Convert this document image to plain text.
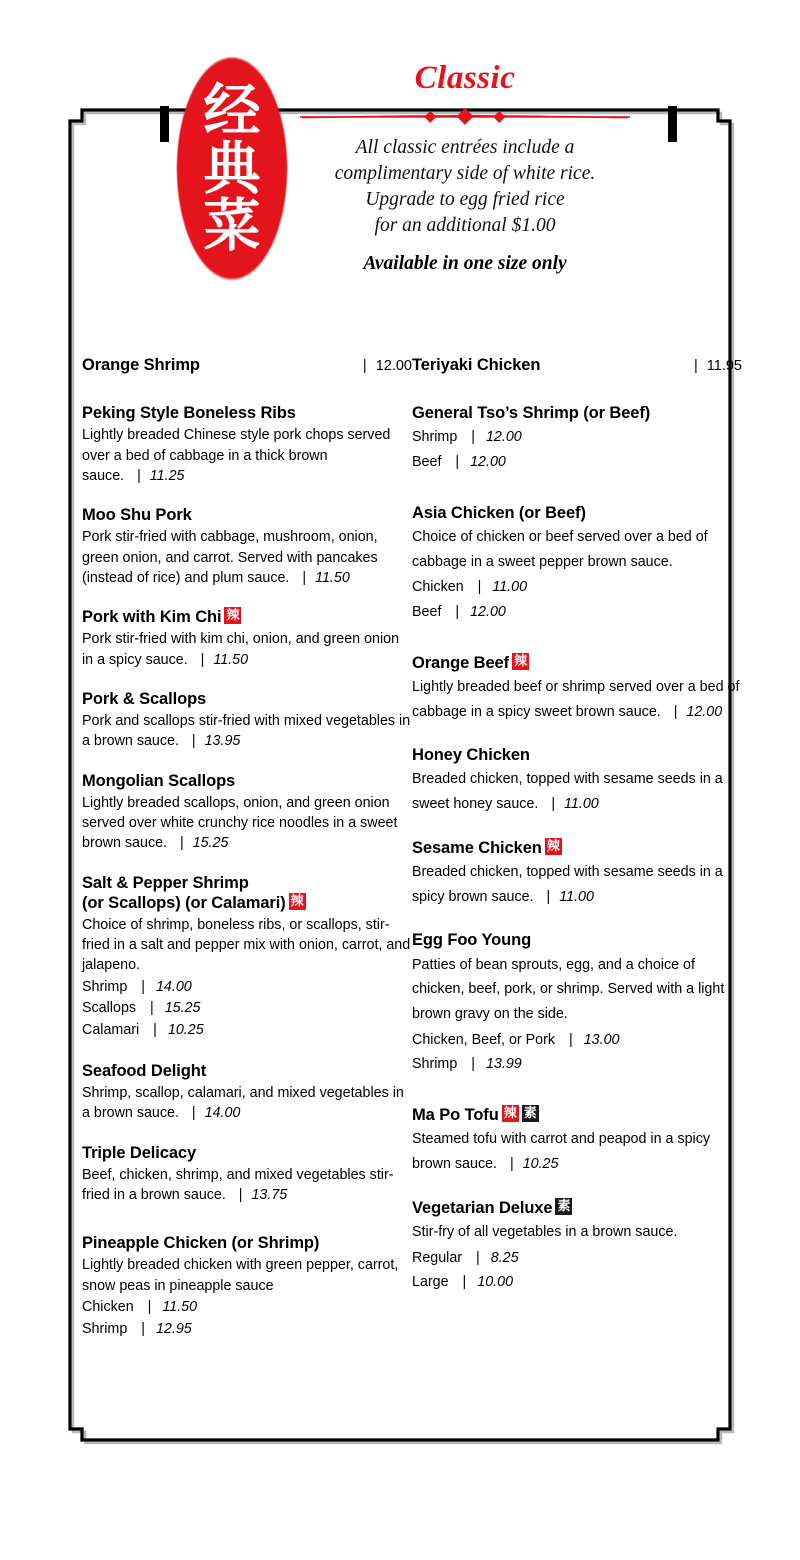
经
典
菜
Classic
All classic entrées include a
complimentary side of white rice.
Upgrade to egg fried rice
for an additional $1.00
Available in one size only
Orange Shrimp	| 12.00
Peking Style Boneless Ribs
Lightly breaded Chinese style pork chops served over a bed of cabbage in a thick brown sauce.  | 11.25
Moo Shu Pork
Pork stir-fried with cabbage, mushroom, onion, green onion, and carrot. Served with pancakes (instead of rice) and plum sauce.  | 11.50
Pork with Kim Chi 辣
Pork stir-fried with kim chi, onion, and green onion in a spicy sauce.  | 11.50
Pork & Scallops
Pork and scallops stir-fried with mixed vegetables in a brown sauce.  | 13.95
Mongolian Scallops
Lightly breaded scallops, onion, and green onion served over white crunchy rice noodles in a sweet brown sauce.  | 15.25
Salt & Pepper Shrimp
(or Scallops) (or Calamari) 辣
Choice of shrimp, boneless ribs, or scallops, stir-fried in a salt and pepper mix with onion, carrot, and jalapeno.
Shrimp  | 14.00
Scallops  | 15.25
Calamari  | 10.25
Seafood Delight
Shrimp, scallop, calamari, and mixed vegetables in a brown sauce.  | 14.00
Triple Delicacy
Beef, chicken, shrimp, and mixed vegetables stir-fried in a brown sauce.  | 13.75
Pineapple Chicken (or Shrimp)
Lightly breaded chicken with green pepper, carrot, snow peas in pineapple sauce
Chicken  | 11.50
Shrimp  | 12.95
Teriyaki Chicken	| 11.95
General Tso’s Shrimp (or Beef)
Shrimp  | 12.00
Beef  | 12.00
Asia Chicken (or Beef)
Choice of chicken or beef served over a bed of cabbage in a sweet pepper brown sauce.
Chicken  | 11.00
Beef  | 12.00
Orange Beef 辣
Lightly breaded beef or shrimp served over a bed of cabbage in a spicy sweet brown sauce.  | 12.00
Honey Chicken
Breaded chicken, topped with sesame seeds in a sweet honey sauce.  | 11.00
Sesame Chicken 辣
Breaded chicken, topped with sesame seeds in a spicy brown sauce.  | 11.00
Egg Foo Young
Patties of bean sprouts, egg, and a choice of chicken, beef, pork, or shrimp. Served with a light brown gravy on the side.
Chicken, Beef, or Pork  | 13.00
Shrimp  | 13.99
Ma Po Tofu 辣 素
Steamed tofu with carrot and peapod in a spicy brown sauce.  | 10.25
Vegetarian Deluxe 素
Stir-fry of all vegetables in a brown sauce.
Regular  | 8.25
Large  | 10.00
